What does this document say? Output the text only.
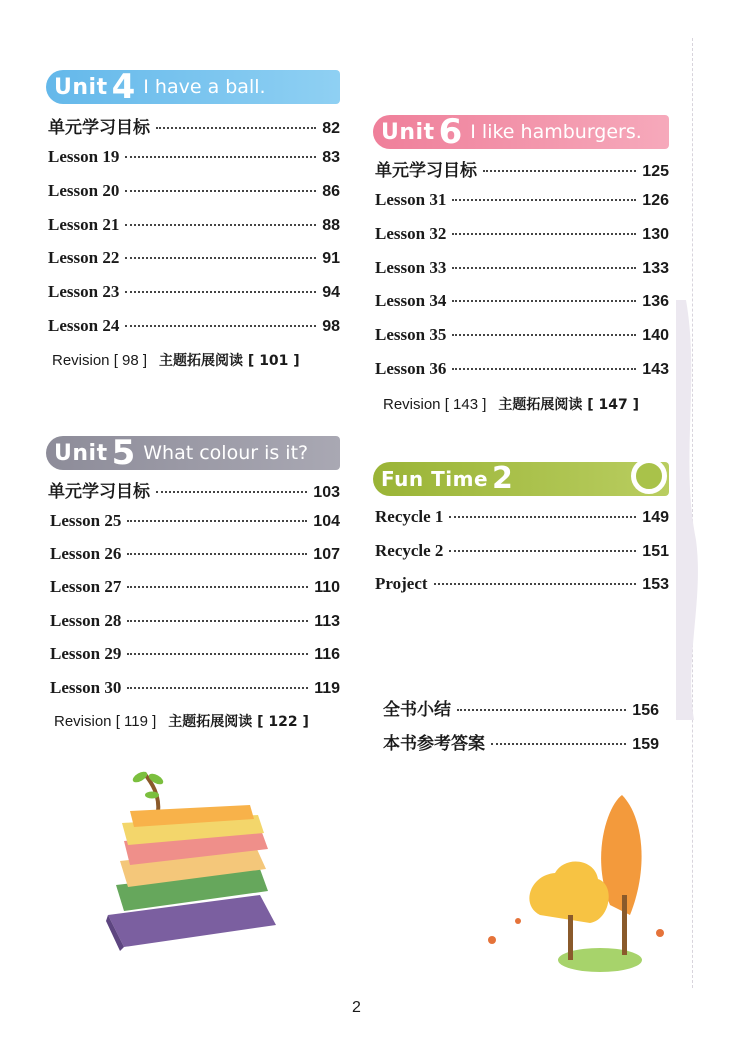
Unit 4 I have a ball.
单元学习目标	82
Lesson 19	83
Lesson 20	86
Lesson 21	88
Lesson 22	91
Lesson 23	94
Lesson 24	98
Revision [ 98 ] 主题拓展阅读 [ 101 ]
Unit 5 What colour is it?
单元学习目标	103
Lesson 25	104
Lesson 26	107
Lesson 27	110
Lesson 28	113
Lesson 29	116
Lesson 30	119
Revision [ 119 ] 主题拓展阅读 [ 122 ]
Unit 6 I like hamburgers.
单元学习目标	125
Lesson 31	126
Lesson 32	130
Lesson 33	133
Lesson 34	136
Lesson 35	140
Lesson 36	143
Revision [ 143 ] 主题拓展阅读 [ 147 ]
Fun Time 2
Recycle 1	149
Recycle 2	151
Project	153
全书小结	156
本书参考答案	159
2
